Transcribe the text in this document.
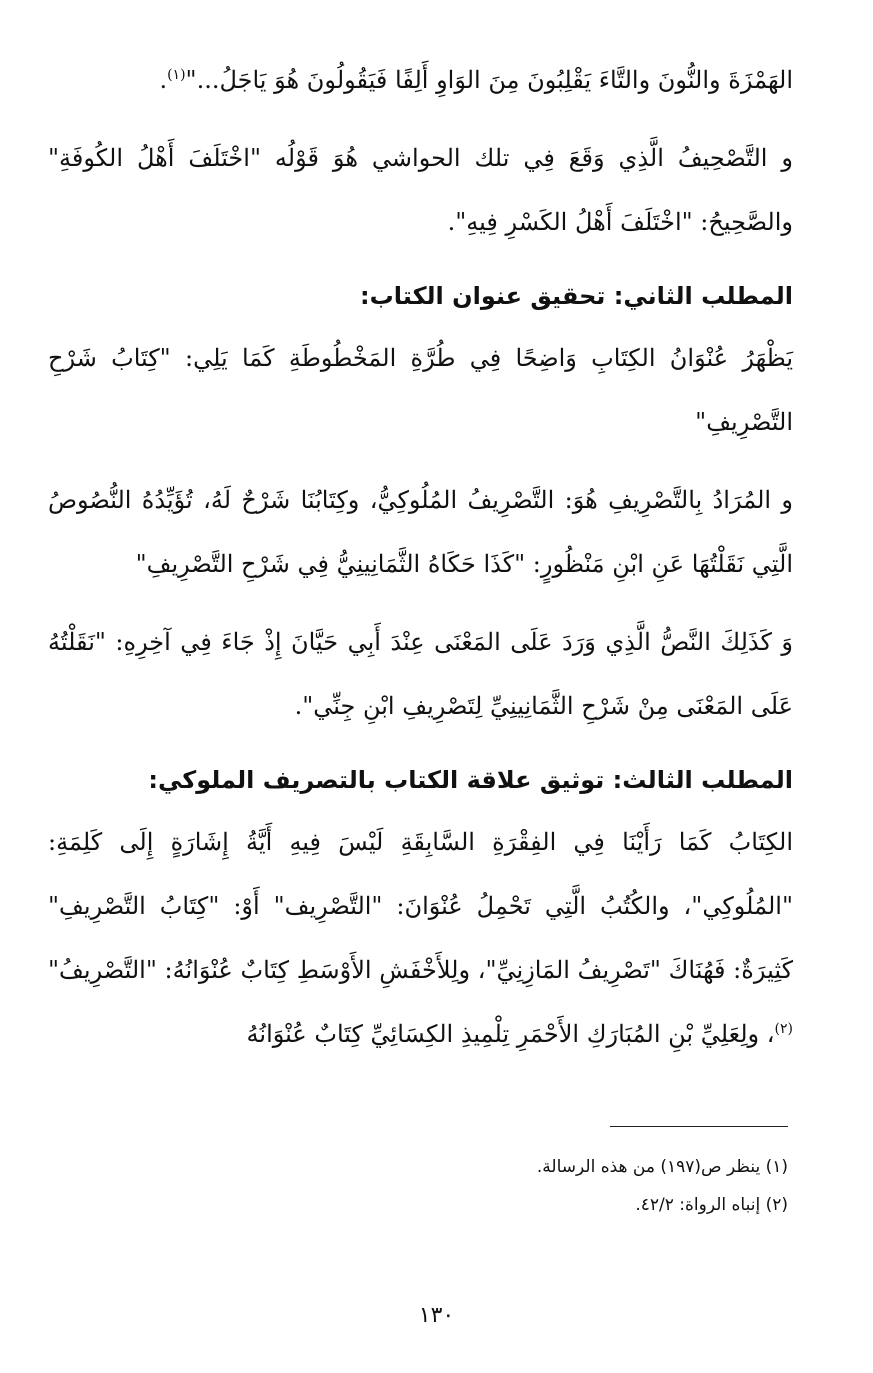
الهَمْزَةَ والنُّونَ والتَّاءَ يَقْلِبُونَ مِنَ الوَاوِ أَلِفًا فَيَقُولُونَ هُوَ يَاجَلُ..."$^{(١)}$.

و التَّصْحِيفُ الَّذِي وَقَعَ فِي تلك الحواشي هُوَ قَوْلُه "اخْتَلَفَ أَهْلُ الكُوفَةِ" والصَّحِيحُ: "اخْتَلَفَ أَهْلُ الكَسْرِ فِيهِ".

المطلب الثاني: تحقيق عنوان الكتاب:

يَظْهَرُ عُنْوَانُ الكِتَابِ وَاضِحًا فِي طُرَّةِ المَخْطُوطَةِ كَمَا يَلِي: "كِتَابُ شَرْحِ التَّصْرِيفِ"

و المُرَادُ بِالتَّصْرِيفِ هُوَ: التَّصْرِيفُ المُلُوكِيُّ، وكِتَابُنَا شَرْحٌ لَهُ، تُؤَيِّدُهُ النُّصُوصُ الَّتِي نَقَلْتُهَا عَنِ ابْنِ مَنْظُورٍ: "كَذَا حَكَاهُ الثَّمَانِينِيُّ فِي شَرْحِ التَّصْرِيفِ"

وَ كَذَلِكَ النَّصُّ الَّذِي وَرَدَ عَلَى المَعْنَى عِنْدَ أَبِي حَيَّانَ إِذْ جَاءَ فِي آخِرِهِ: "نَقَلْتُهُ عَلَى المَعْنَى مِنْ شَرْحِ الثَّمَانِينِيِّ لِتَصْرِيفِ ابْنِ جِنِّي".

المطلب الثالث: توثيق علاقة الكتاب بالتصريف الملوكي:

الكِتَابُ كَمَا رَأَيْنَا فِي الفِقْرَةِ السَّابِقَةِ لَيْسَ فِيهِ أَيَّةُ إِشَارَةٍ إِلَى كَلِمَةِ: "المُلُوكِي"، والكُتُبُ الَّتِي تَحْمِلُ عُنْوَانَ: "التَّصْرِيف" أَوْ: "كِتَابُ التَّصْرِيفِ" كَثِيرَةٌ: فَهُنَاكَ "تَصْرِيفُ المَازِنِيِّ"، ولِلأَخْفَشِ الأَوْسَطِ كِتَابٌ عُنْوَانُهُ: "التَّصْرِيفُ"$^{(٢)}$، ولِعَلِيِّ بْنِ المُبَارَكِ الأَحْمَرِ تِلْمِيذِ الكِسَائِيِّ كِتَابٌ عُنْوَانُهُ

(١) ينظر ص(١٩٧) من هذه الرسالة.

(٢) إنباه الرواة: ٤٢/٢.

١٣٠
